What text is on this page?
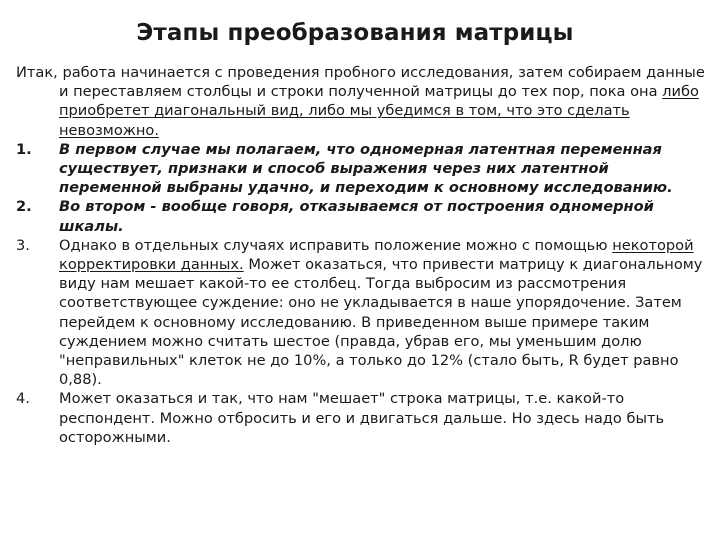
Этапы преобразования матрицы

Итак, работа начинается с проведения пробного исследования, затем собираем данные и переставляем столбцы и строки полученной матрицы до тех пор, пока она либо приобретет диагональный вид, либо мы убедимся в том, что это сделать невозможно.

1. В первом случае мы полагаем, что одномерная латентная переменная существует, признаки и способ выражения через них латентной переменной выбраны удачно, и переходим к основному исследованию.
2. Во втором - вообще говоря, отказываемся от построения одномерной шкалы.
3. Однако в отдельных случаях исправить положение можно с помощью некоторой корректировки данных. Может оказаться, что привести матрицу к диагональному виду нам мешает какой-то ее столбец. Тогда выбросим из рассмотрения соответствующее суждение: оно не укладывается в наше упорядочение. Затем перейдем к основному исследованию. В приведенном выше примере таким суждением можно считать шестое (правда, убрав его, мы уменьшим долю "неправильных" клеток не до 10%, а только до 12% (стало быть, R будет равно 0,88).
4. Может оказаться и так, что нам "мешает" строка матрицы, т.е. какой-то респондент. Можно отбросить и его и двигаться дальше. Но здесь надо быть осторожными.
